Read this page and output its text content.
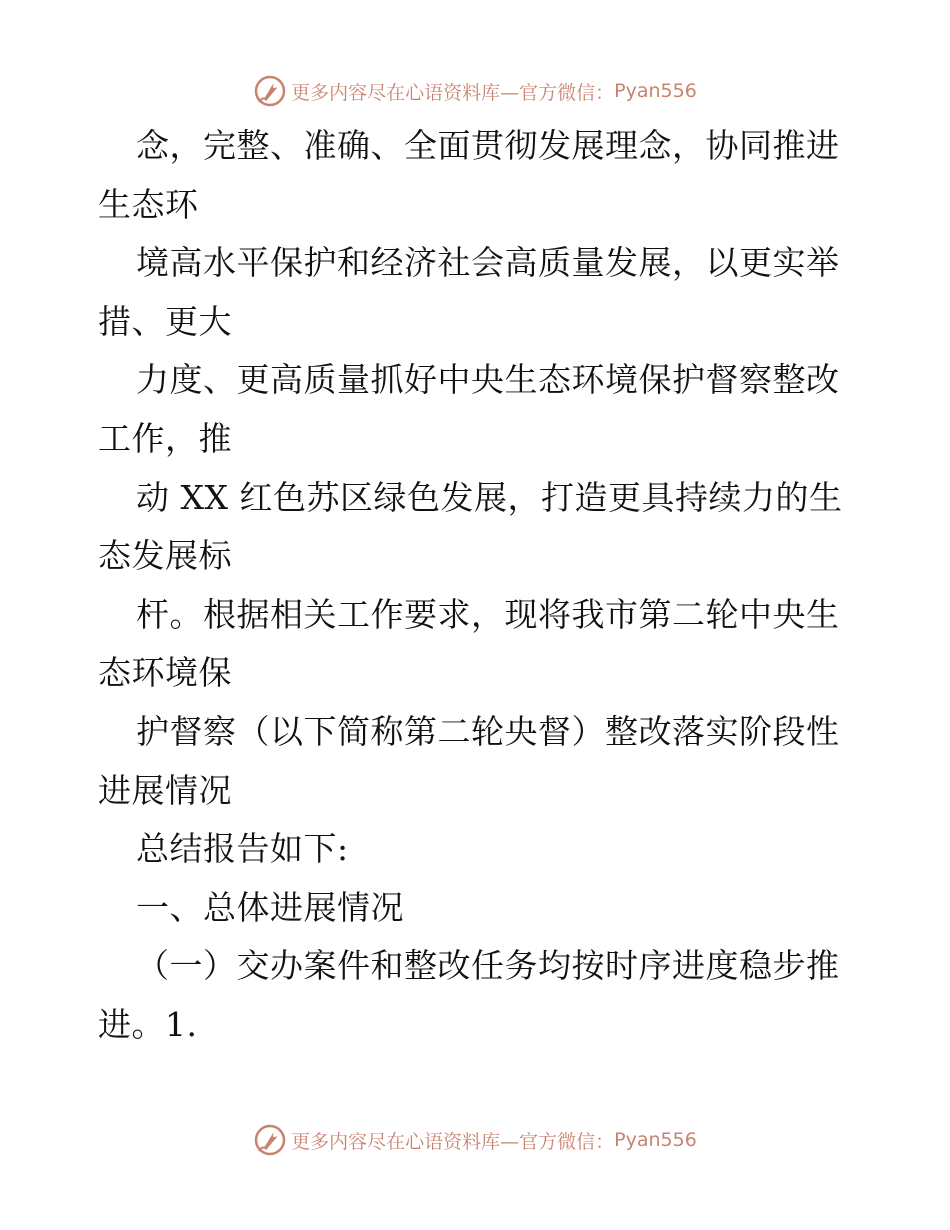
更多内容尽在心语资料库—官方微信： Pyan556

念，完整、准确、全面贯彻发展理念，协同推进

生态环

境高水平保护和经济社会高质量发展，以更实举

措、更大

力度、更高质量抓好中央生态环境保护督察整改

工作，推

动 XX 红色苏区绿色发展，打造更具持续力的生

态发展标

杆。根据相关工作要求，现将我市第二轮中央生

态环境保

护督察（以下简称第二轮央督）整改落实阶段性

进展情况

总结报告如下:

一、总体进展情况

（一）交办案件和整改任务均按时序进度稳步推

进。1.

更多内容尽在心语资料库—官方微信： Pyan556
